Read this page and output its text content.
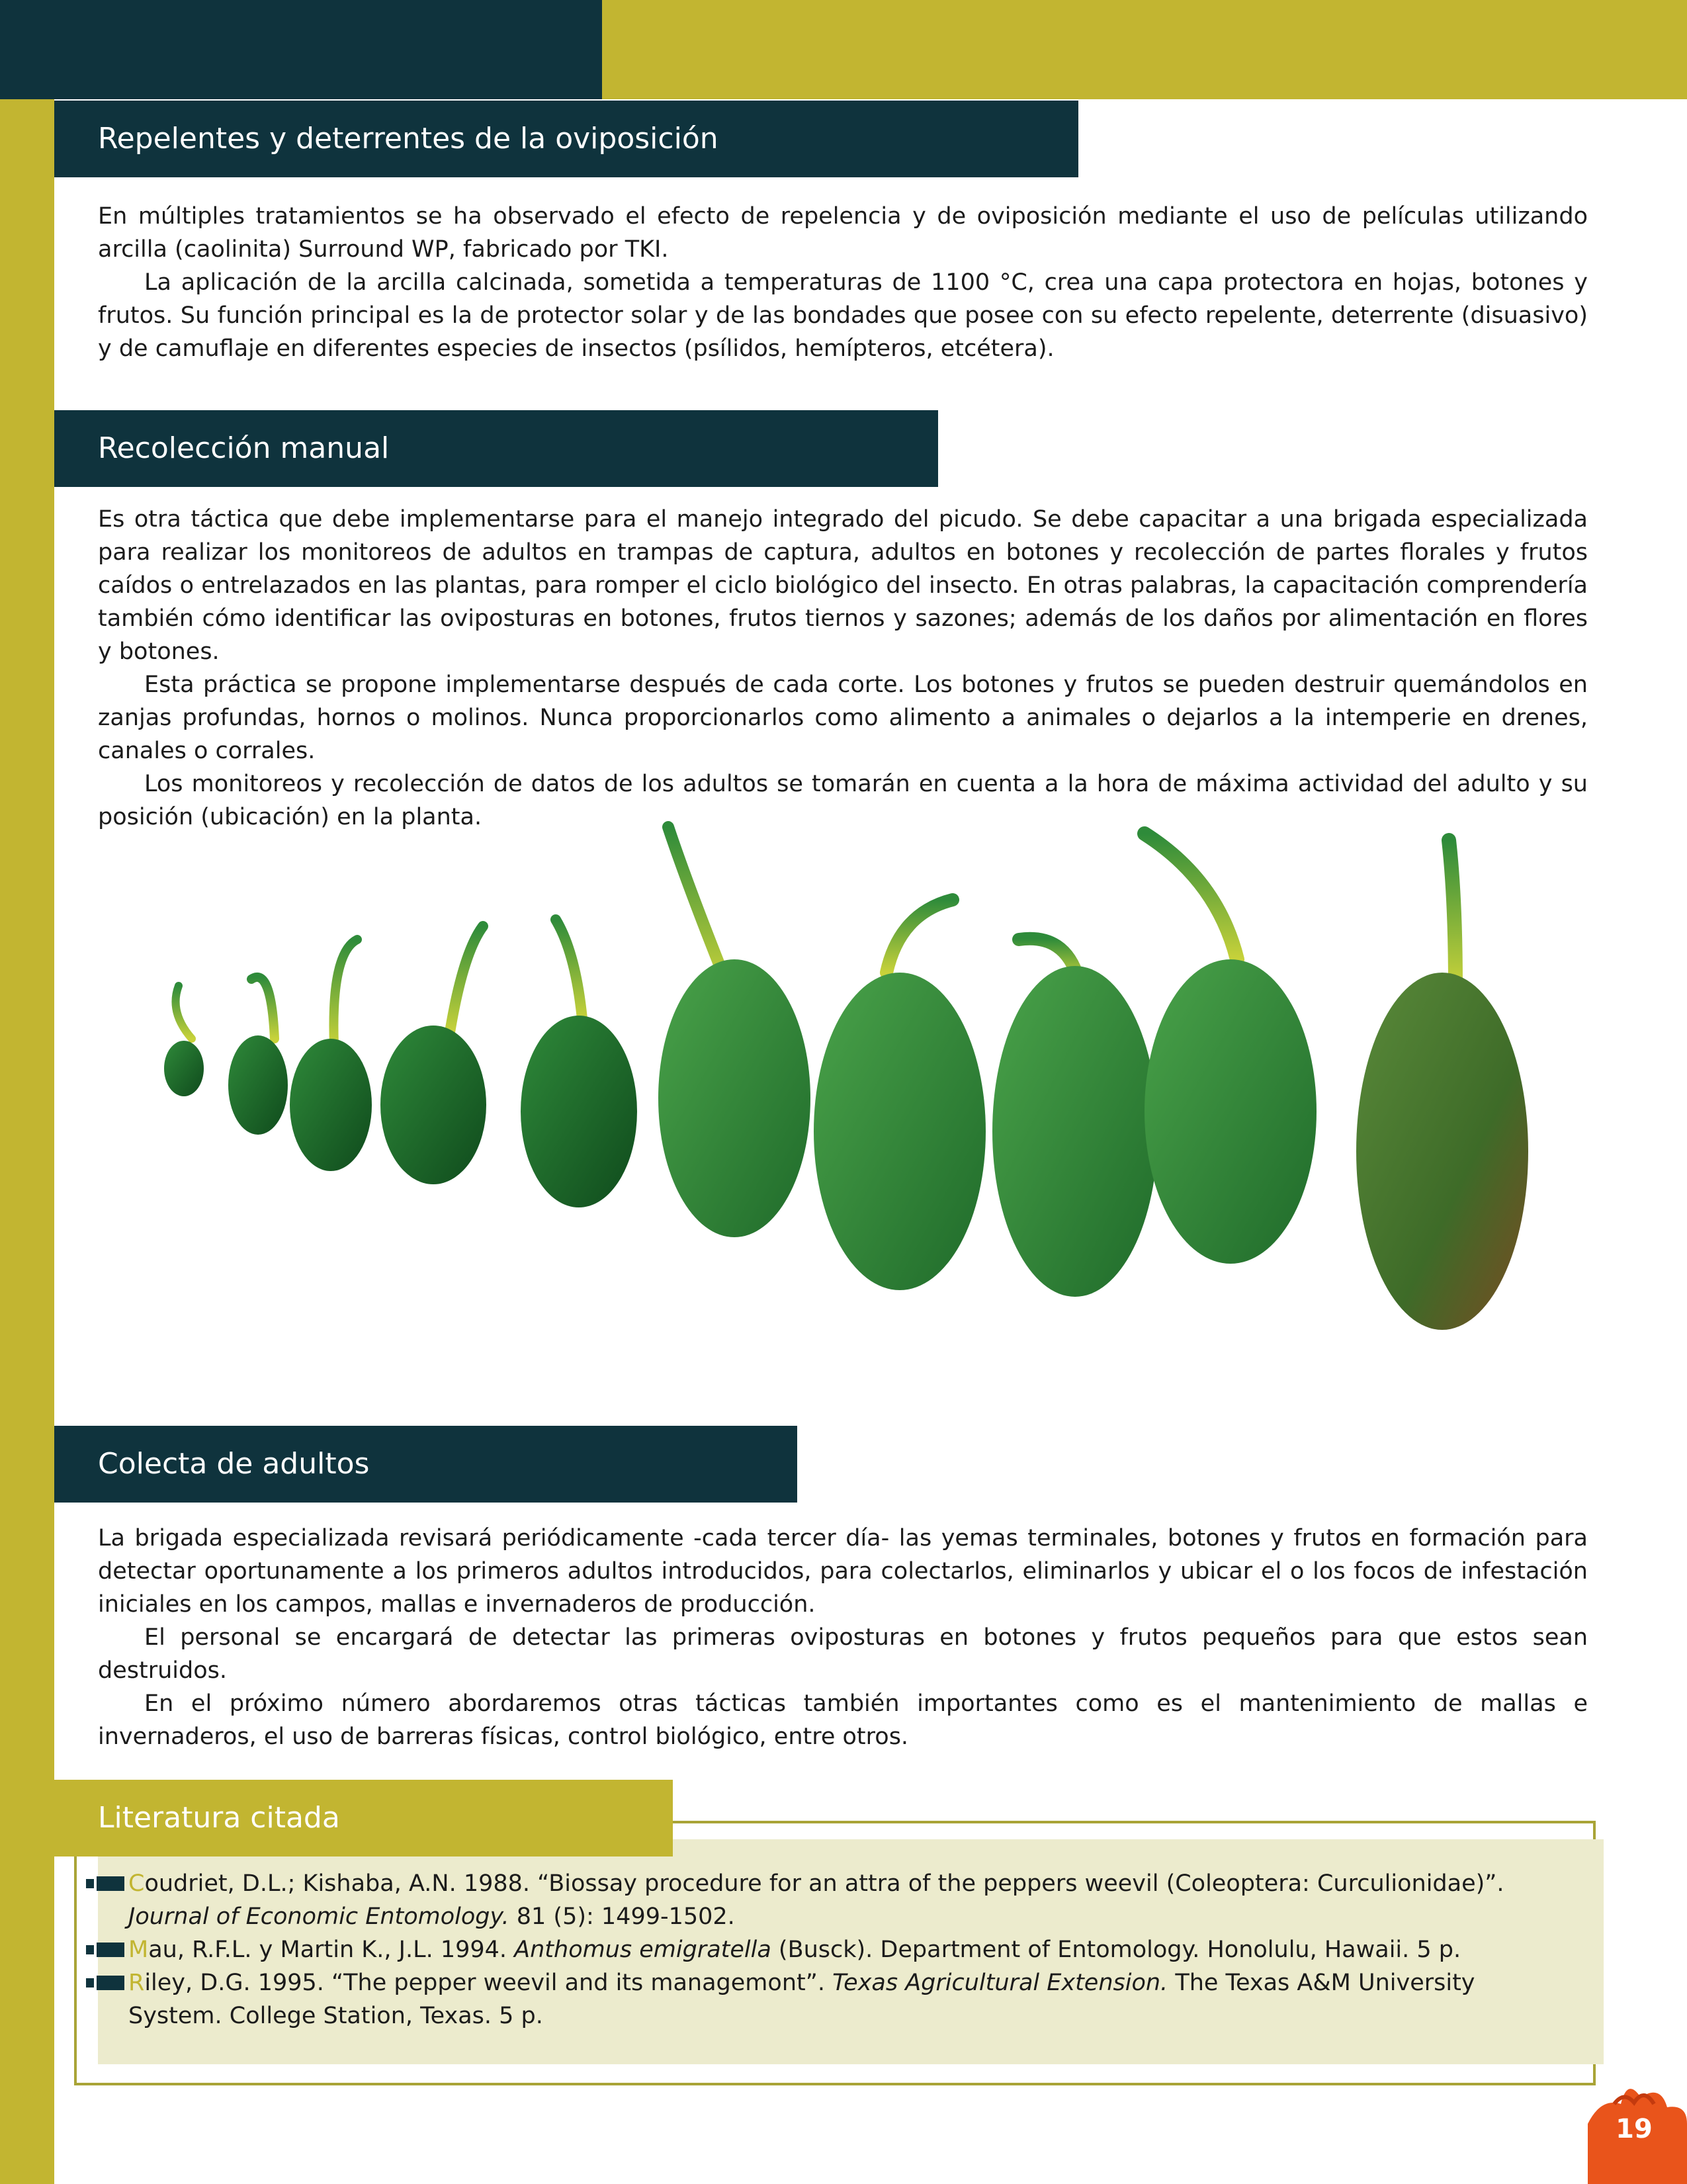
Repelentes y deterrentes de la oviposición

En múltiples tratamientos se ha observado el efecto de repelencia y de oviposición mediante el uso de películas utilizando arcilla (caolinita) Surround WP, fabricado por TKI.

La aplicación de la arcilla calcinada, sometida a temperaturas de 1100 °C, crea una capa protectora en hojas, botones y frutos. Su función principal es la de protector solar y de las bondades que posee con su efecto repelente, deterrente (disuasivo) y de camuflaje en diferentes especies de insectos (psílidos, hemípteros, etcétera).

Recolección manual

Es otra táctica que debe implementarse para el manejo integrado del picudo. Se debe capacitar a una brigada especializada para realizar los monitoreos de adultos en trampas de captura, adultos en botones y recolección de partes florales y frutos caídos o entrelazados en las plantas, para romper el ciclo biológico del insecto. En otras palabras, la capacitación comprendería también cómo identificar las oviposturas en botones, frutos tiernos y sazones; además de los daños por alimentación en flores y botones.

Esta práctica se propone implementarse después de cada corte. Los botones y frutos se pueden destruir quemándolos en zanjas profundas, hornos o molinos. Nunca proporcionarlos como alimento a animales o dejarlos a la intemperie en drenes, canales o corrales.

Los monitoreos y recolección de datos de los adultos se tomarán en cuenta a la hora de máxima actividad del adulto y su posición (ubicación) en la planta.

Colecta de adultos

La brigada especializada revisará periódicamente -cada tercer día- las yemas terminales, botones y frutos en formación para detectar oportunamente a los primeros adultos introducidos, para colectarlos, eliminarlos y ubicar el o los focos de infestación iniciales en los campos, mallas e invernaderos de producción.

El personal se encargará de detectar las primeras oviposturas en botones y frutos pequeños para que estos sean destruidos.

En el próximo número abordaremos otras tácticas también importantes como es el mantenimiento de mallas e invernaderos, el uso de barreras físicas, control biológico, entre otros.

Literatura citada
Coudriet, D.L.; Kishaba, A.N. 1988. “Biossay procedure for an attra of the peppers weevil (Coleoptera: Curculionidae)”. Journal of Economic Entomology. 81 (5): 1499-1502.
Mau, R.F.L. y Martin K., J.L. 1994. Anthomus emigratella (Busck). Department of Entomology. Honolulu, Hawaii. 5 p.
Riley, D.G. 1995. “The pepper weevil and its managemont”. Texas Agricultural Extension. The Texas A&M University System. College Station, Texas. 5 p.
19
